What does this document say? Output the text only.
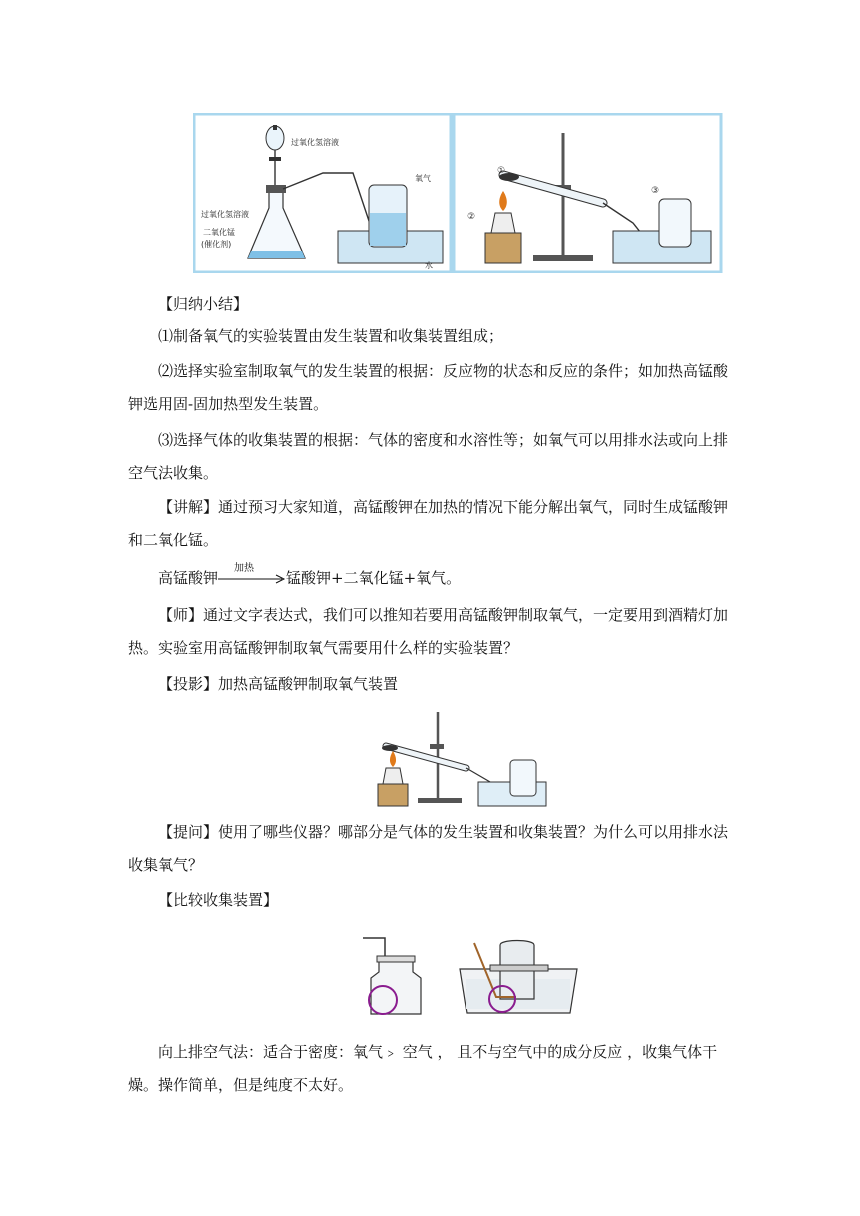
过氧化氢溶液
氧气
过氧化氢溶液
二氧化锰
(催化剂)
水
①
②
③
【归纳小结】
⑴制备氧气的实验装置由发生装置和收集装置组成；
⑵选择实验室制取氧气的发生装置的根据：反应物的状态和反应的条件；如加热高锰酸
钾选用固-固加热型发生装置。
⑶选择气体的收集装置的根据：气体的密度和水溶性等；如氧气可以用排水法或向上排
空气法收集。
【讲解】通过预习大家知道，高锰酸钾在加热的情况下能分解出氧气，同时生成锰酸钾
和二氧化锰。
高锰酸钾
加热
锰酸钾+二氧化锰+氧气。
【师】通过文字表达式，我们可以推知若要用高锰酸钾制取氧气，一定要用到酒精灯加
热。实验室用高锰酸钾制取氧气需要用什么样的实验装置？
【投影】加热高锰酸钾制取氧气装置
【提问】使用了哪些仪器？哪部分是气体的发生装置和收集装置？为什么可以用排水法
收集氧气？
【比较收集装置】
向上排空气法：适合于密度：氧气﹥ 空气 ， 且不与空气中的成分反应 ，收集气体干
燥。操作简单，但是纯度不太好。
